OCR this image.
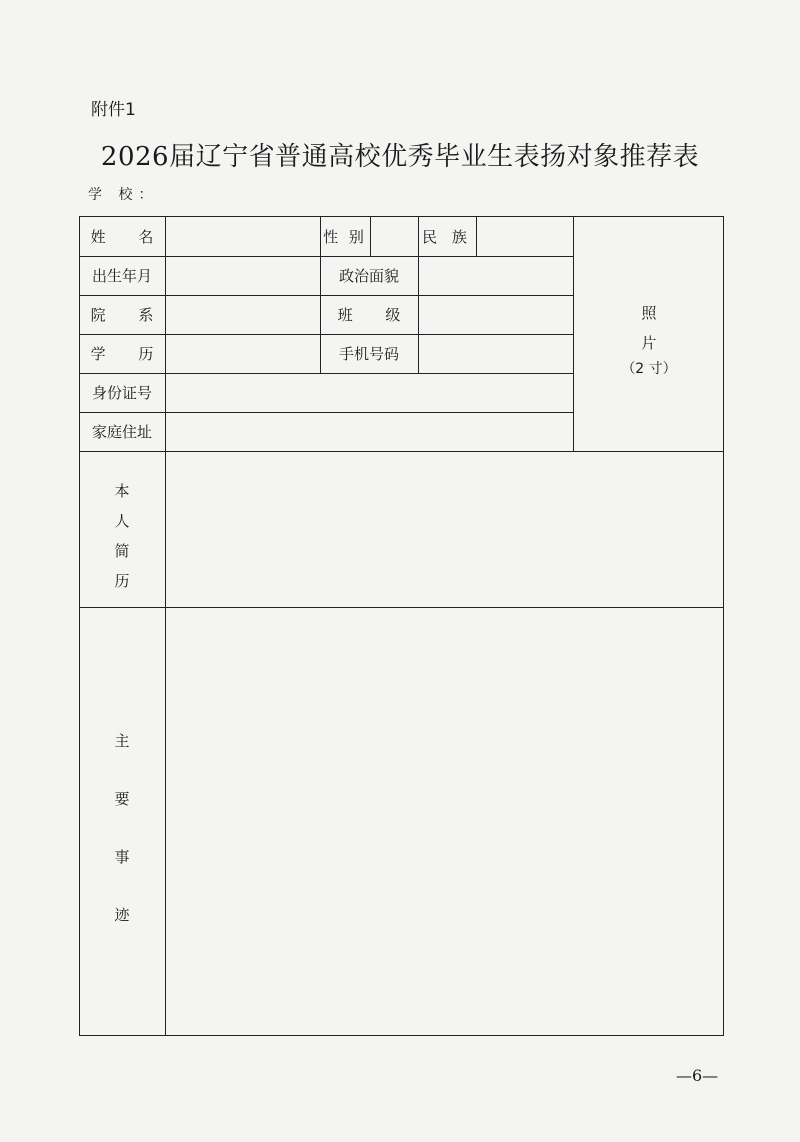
附件1
2026届辽宁省普通高校优秀毕业生表扬对象推荐表
学 校：
姓 名	性 别	民 族
出生年月	政治面貌
院 系	班 级
学 历	手机号码
身份证号
家庭住址
照
片
（2 寸）
本
人
简
历
主
要
事
迹
—6—
